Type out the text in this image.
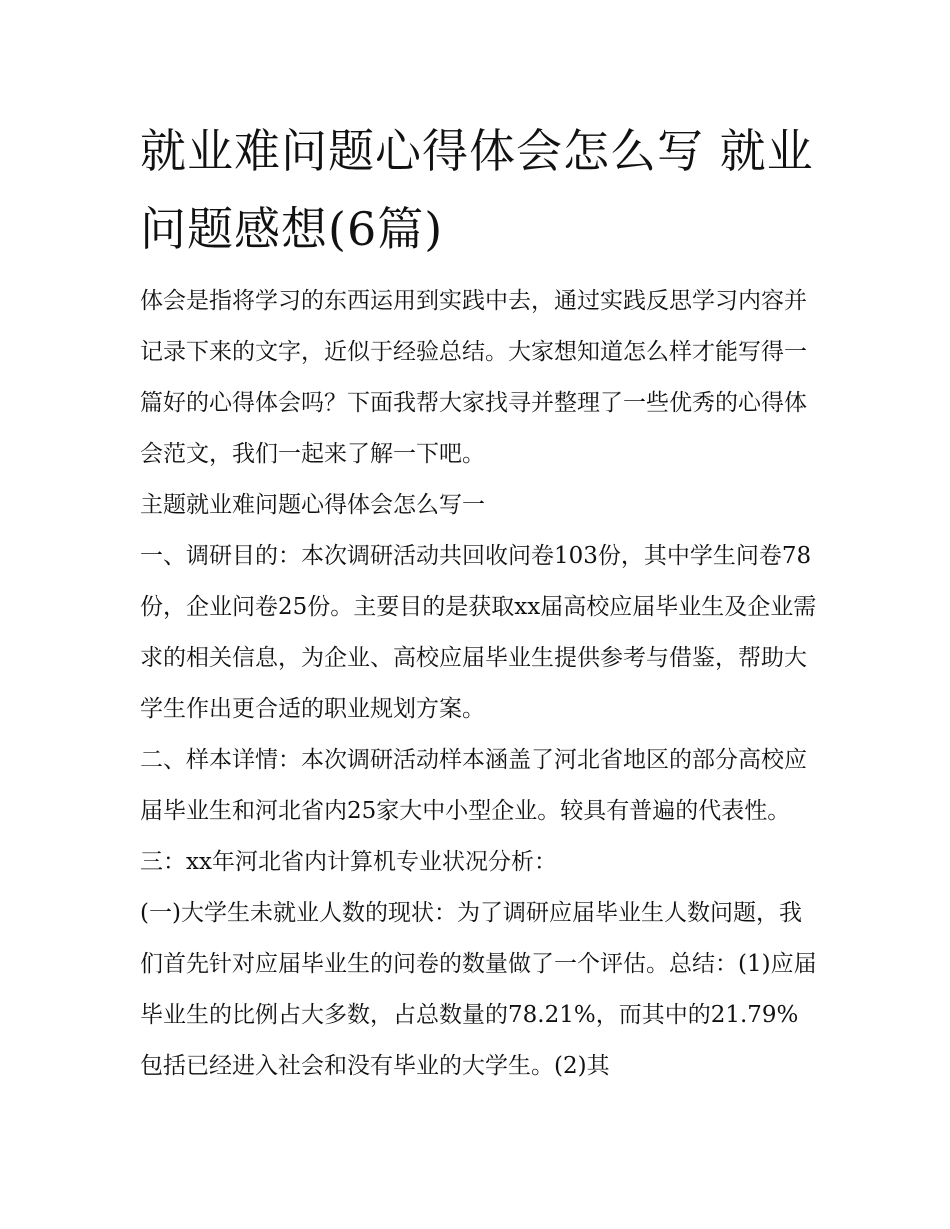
就业难问题心得体会怎么写 就业问题感想(6篇)

体会是指将学习的东西运用到实践中去，通过实践反思学习内容并记录下来的文字，近似于经验总结。大家想知道怎么样才能写得一篇好的心得体会吗？下面我帮大家找寻并整理了一些优秀的心得体会范文，我们一起来了解一下吧。

主题就业难问题心得体会怎么写一

一、调研目的：本次调研活动共回收问卷103份，其中学生问卷78份，企业问卷25份。主要目的是获取xx届高校应届毕业生及企业需求的相关信息，为企业、高校应届毕业生提供参考与借鉴，帮助大学生作出更合适的职业规划方案。

二、样本详情：本次调研活动样本涵盖了河北省地区的部分高校应届毕业生和河北省内25家大中小型企业。较具有普遍的代表性。 三：xx年河北省内计算机专业状况分析：

(一)大学生未就业人数的现状：为了调研应届毕业生人数问题，我们首先针对应届毕业生的问卷的数量做了一个评估。总结：(1)应届毕业生的比例占大多数，占总数量的78.21%，而其中的21.79%包括已经进入社会和没有毕业的大学生。(2)其
